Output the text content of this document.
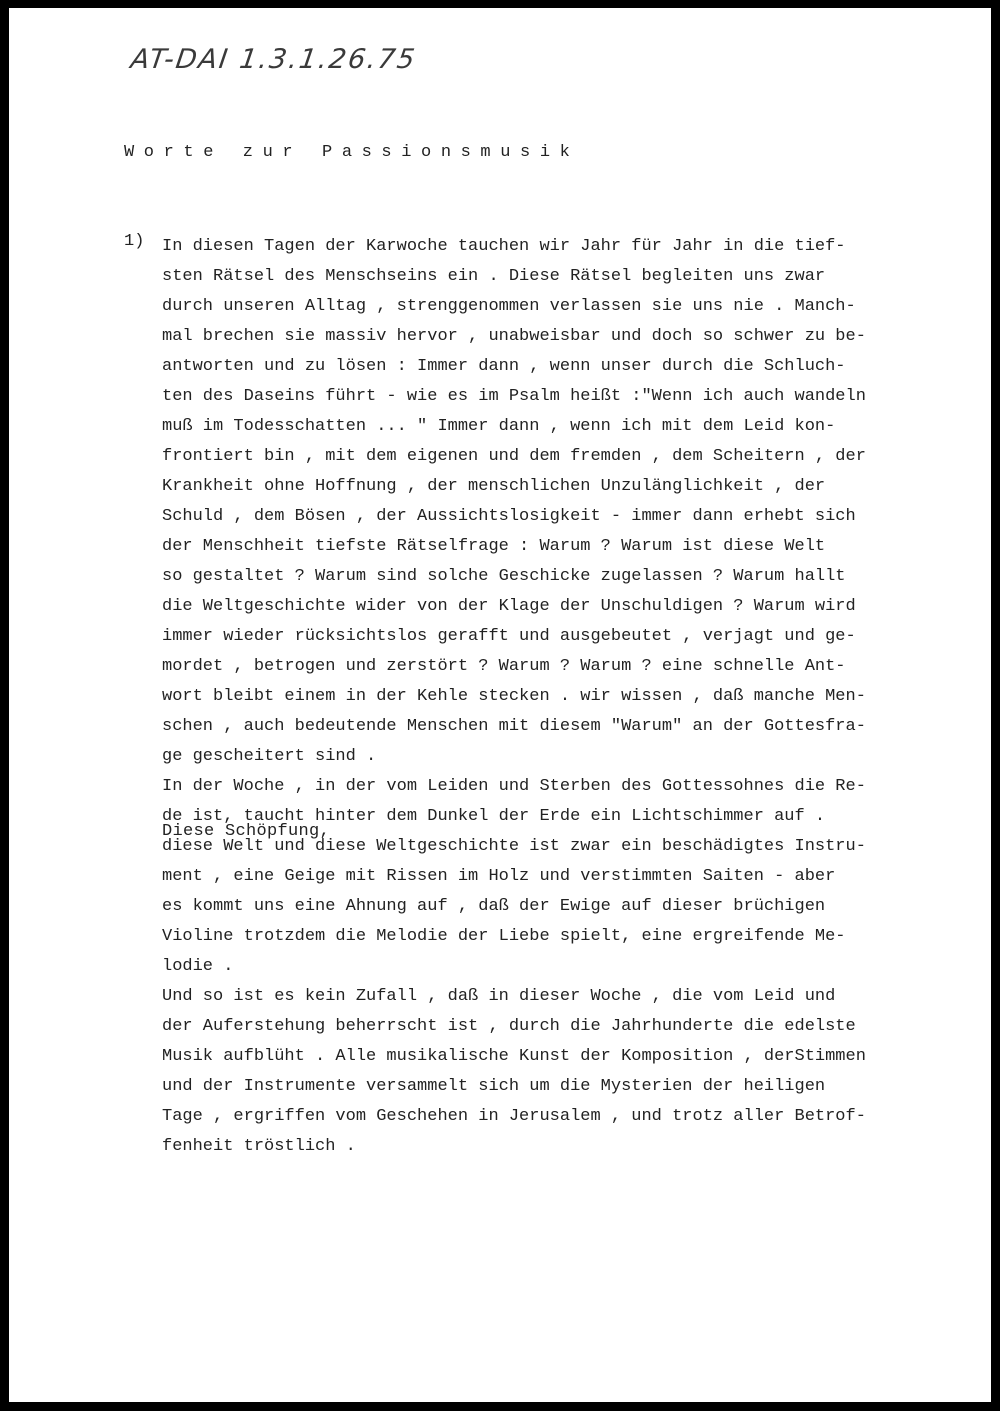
AT-DAI 1.3.1.26.75
Worte zur Passionsmusik
1) In diesen Tagen der Karwoche tauchen wir Jahr für Jahr in die tief-
sten Rätsel des Menschseins ein . Diese Rätsel begleiten uns zwar
durch unseren Alltag , strenggenommen verlassen sie uns nie . Manch-
mal brechen sie massiv hervor , unabweisbar und doch so schwer zu be-
antworten und zu lösen : Immer dann , wenn unser durch die Schluch-
ten des Daseins führt - wie es im Psalm heißt :"Wenn ich auch wandeln
muß im Todesschatten ... " Immer dann , wenn ich mit dem Leid kon-
frontiert bin , mit dem eigenen und dem fremden , dem Scheitern , der
Krankheit ohne Hoffnung , der menschlichen Unzulänglichkeit , der
Schuld , dem Bösen , der Aussichtslosigkeit - immer dann erhebt sich
der Menschheit tiefste Rätselfrage : Warum ? Warum ist diese Welt
so gestaltet ? Warum sind solche Geschicke zugelassen ? Warum hallt
die Weltgeschichte wider von der Klage der Unschuldigen ? Warum wird
immer wieder rücksichtslos gerafft und ausgebeutet , verjagt und ge-
mordet , betrogen und zerstört ? Warum ? Warum ? eine schnelle Ant-
wort bleibt einem in der Kehle stecken . wir wissen , daß manche Men-
schen , auch bedeutende Menschen mit diesem "Warum" an der Gottesfra-
ge gescheitert sind .
In der Woche , in der vom Leiden und Sterben des Gottessohnes die Re-
de ist, taucht hinter dem Dunkel der Erde ein Lichtschimmer auf .
diese Welt und diese Weltgeschichte ist zwar ein beschädigtes Instru-
ment , eine Geige mit Rissen im Holz und verstimmten Saiten - aber
es kommt uns eine Ahnung auf , daß der Ewige auf dieser brüchigen
Violine trotzdem die Melodie der Liebe spielt, eine ergreifende Me-
lodie .
Und so ist es kein Zufall , daß in dieser Woche , die vom Leid und
der Auferstehung beherrscht ist , durch die Jahrhunderte die edelste
Musik aufblüht . Alle musikalische Kunst der Komposition , derStimmen
und der Instrumente versammelt sich um die Mysterien der heiligen
Tage , ergriffen vom Geschehen in Jerusalem , und trotz aller Betrof-
fenheit tröstlich .
Diese Schöpfung,
